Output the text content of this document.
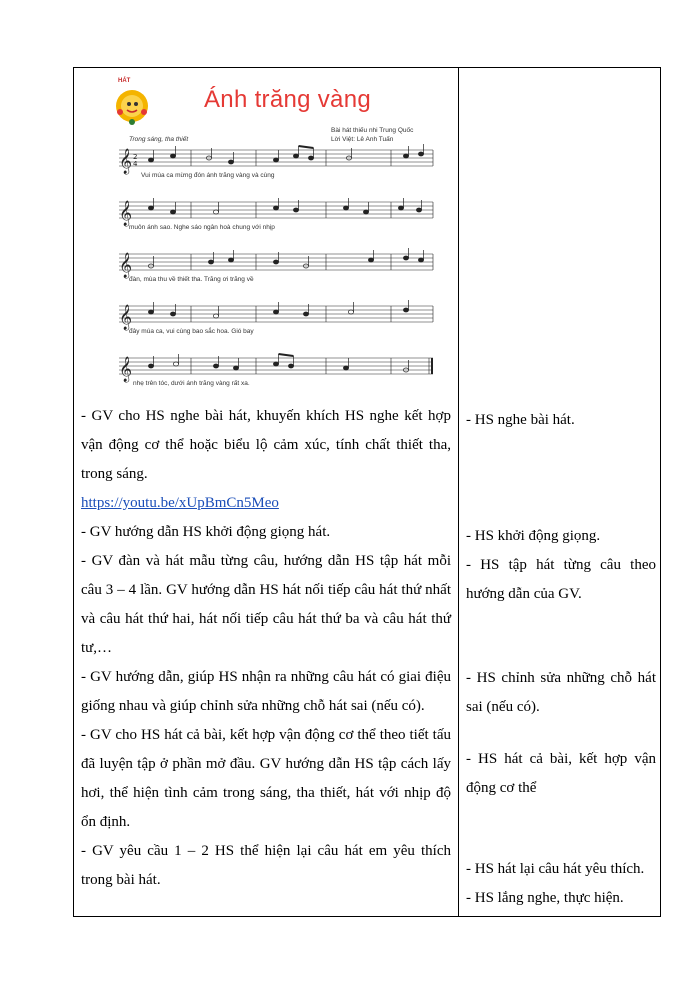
HÁT
Ánh trăng vàng
Bài hát thiếu nhi Trung Quốc
Lời Việt: Lê Anh Tuấn
Trong sáng, tha thiết
𝄞
𝄞
𝄞
𝄞
𝄞
2
4
Vui múa ca mừng đón ánh trăng vàng và cùng
muôn ánh sao. Nghe sáo ngân hoà chung với nhịp
đàn, mùa thu về thiết tha. Trăng ơi trăng về
đây múa ca, vui cùng bao sắc hoa. Gió bay
nhẹ trên tóc, dưới ánh trăng vàng rất xa.

- GV cho HS nghe bài hát, khuyến khích HS nghe kết hợp vận động cơ thể hoặc biểu lộ cảm xúc, tính chất thiết tha, trong sáng.

https://youtu.be/xUpBmCn5Meo

- GV hướng dẫn HS khởi động giọng hát.

- GV đàn và hát mẫu từng câu, hướng dẫn HS tập hát mỗi câu 3 – 4 lần. GV hướng dẫn HS hát nối tiếp câu hát thứ nhất và câu hát thứ hai, hát nối tiếp câu hát thứ ba và câu hát thứ tư,…

- GV hướng dẫn, giúp HS nhận ra những câu hát có giai điệu giống nhau và giúp chỉnh sửa những chỗ hát sai (nếu có).

- GV cho HS hát cả bài, kết hợp vận động cơ thể theo tiết tấu đã luyện tập ở phần mở đầu. GV hướng dẫn HS tập cách lấy hơi, thể hiện tình cảm trong sáng, tha thiết, hát với nhịp độ ổn định.

- GV yêu cầu 1 – 2 HS thể hiện lại câu hát em yêu thích trong bài hát.

- HS nghe bài hát.
- HS khởi động giọng.
- HS tập hát từng câu theo hướng dẫn của GV.
- HS chỉnh sửa những chỗ hát sai (nếu có).
- HS hát cả bài, kết hợp vận động cơ thể
- HS hát lại câu hát yêu thích.
- HS lắng nghe, thực hiện.
